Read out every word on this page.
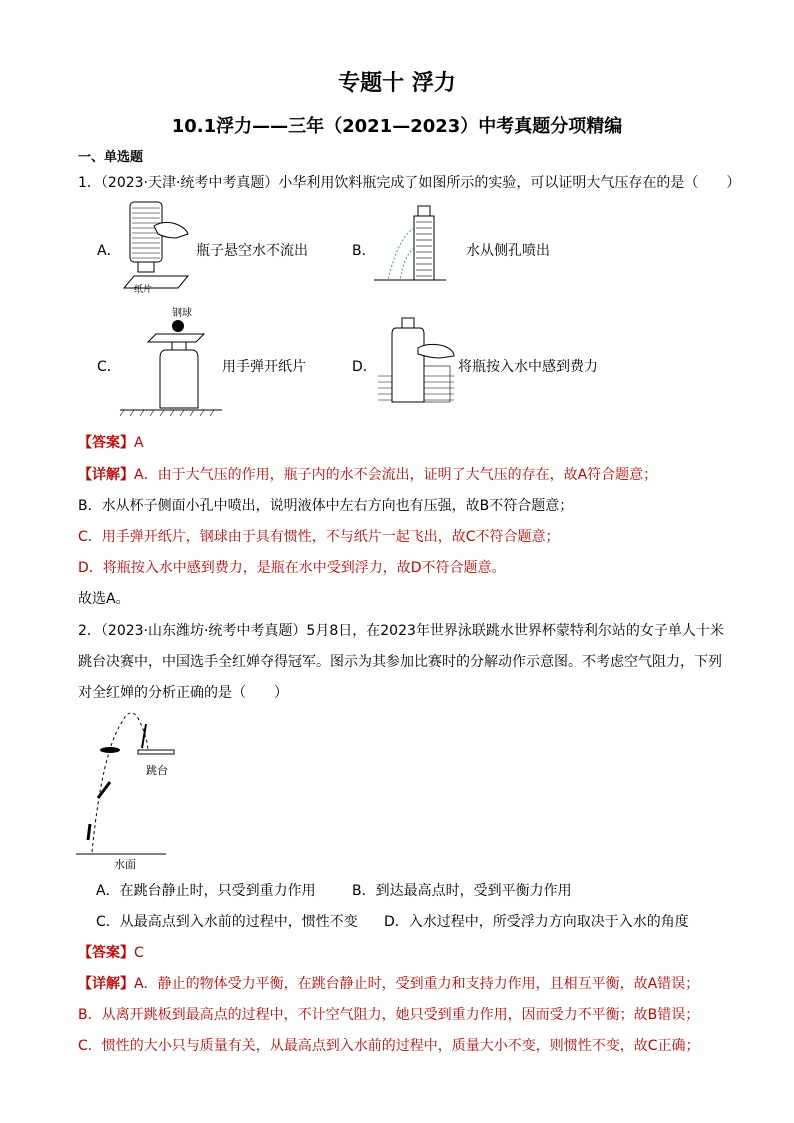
专题十 浮力
10.1浮力——三年（2021—2023）中考真题分项精编
一、单选题
1．（2023·天津·统考中考真题）小华利用饮料瓶完成了如图所示的实验，可以证明大气压存在的是（　　）
A．
纸片
瓶子悬空水不流出	B．	水从侧孔喷出
C．
钢球
用手弹开纸片	D．	将瓶按入水中感到费力
【答案】A
【详解】A．由于大气压的作用，瓶子内的水不会流出，证明了大气压的存在，故A符合题意；
B．水从杯子侧面小孔中喷出，说明液体中左右方向也有压强，故B不符合题意；
C．用手弹开纸片，钢球由于具有惯性，不与纸片一起飞出，故C不符合题意；
D．将瓶按入水中感到费力，是瓶在水中受到浮力，故D不符合题意。
故选A。
2．（2023·山东潍坊·统考中考真题）5月8日，在2023年世界泳联跳水世界杯蒙特利尔站的女子单人十米
跳台决赛中，中国选手全红婵夺得冠军。图示为其参加比赛时的分解动作示意图。不考虑空气阻力，下列
对全红婵的分析正确的是（　　）
跳台
水面
A．在跳台静止时，只受到重力作用	B．到达最高点时，受到平衡力作用
C．从最高点到入水前的过程中，惯性不变 D．入水过程中，所受浮力方向取决于入水的角度
【答案】C
【详解】A．静止的物体受力平衡，在跳台静止时，受到重力和支持力作用，且相互平衡，故A错误；
B．从离开跳板到最高点的过程中，不计空气阻力，她只受到重力作用，因而受力不平衡；故B错误；
C．惯性的大小只与质量有关，从最高点到入水前的过程中，质量大小不变，则惯性不变，故C正确；
